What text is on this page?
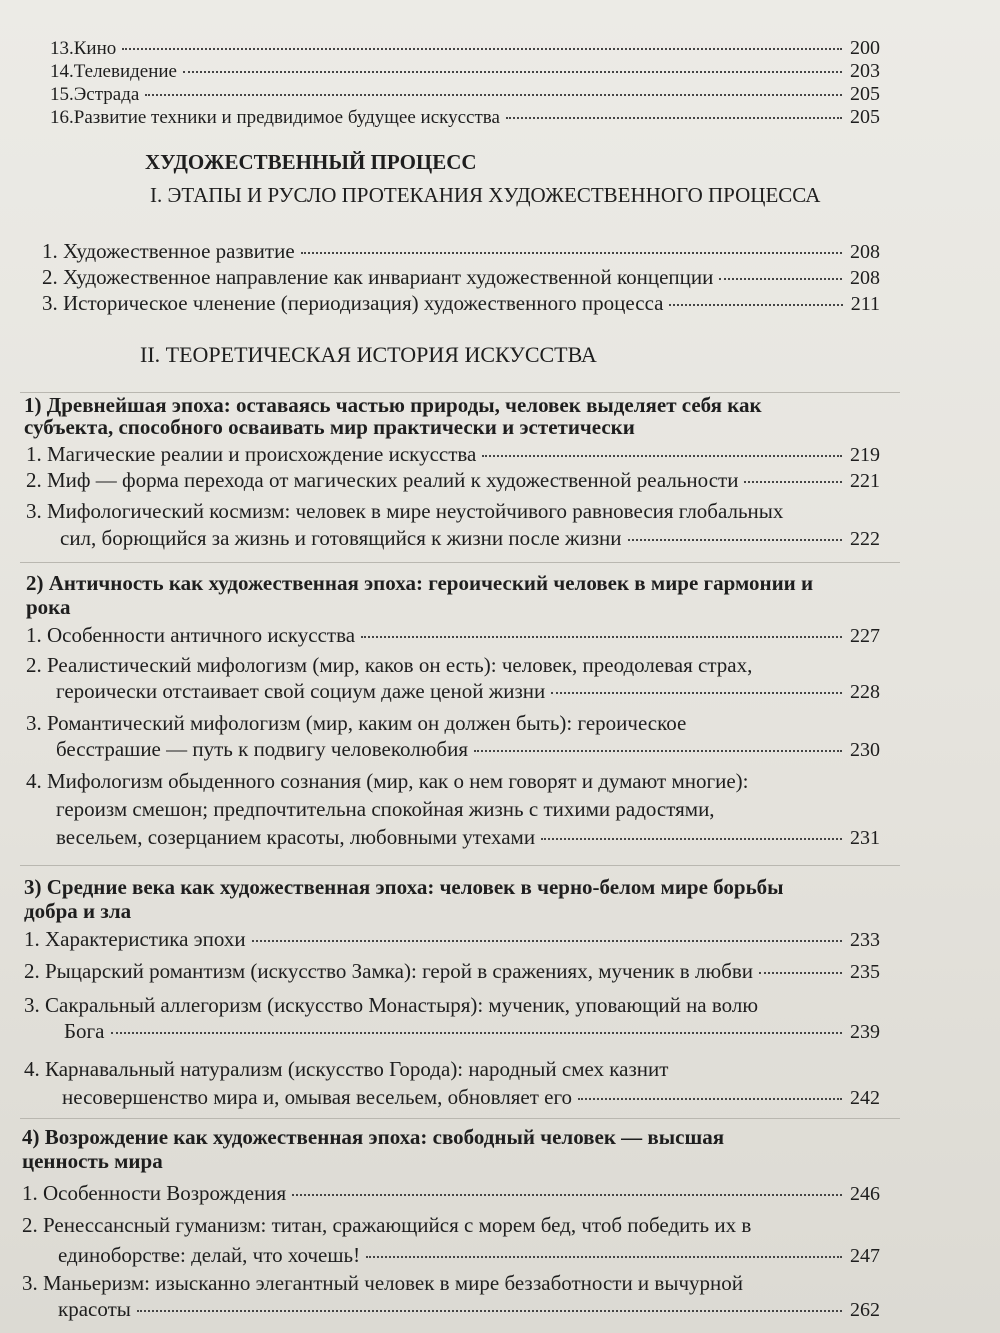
13.Кино	200
14.Телевидение	203
15.Эстрада	205
16.Развитие техники и предвидимое будущее искусства	205
ХУДОЖЕСТВЕННЫЙ ПРОЦЕСС
I. ЭТАПЫ И РУСЛО ПРОТЕКАНИЯ ХУДОЖЕСТВЕННОГО ПРОЦЕССА
1. Художественное развитие	208
2. Художественное направление как инвариант художественной концепции	208
3. Историческое членение (периодизация) художественного процесса	211
II. ТЕОРЕТИЧЕСКАЯ ИСТОРИЯ ИСКУССТВА
1) Древнейшая эпоха: оставаясь частью природы, человек выделяет себя как
субъекта, способного осваивать мир практически и эстетически
1. Магические реалии и происхождение искусства	219
2. Миф — форма перехода от магических реалий к художественной реальности	221
3. Мифологический космизм: человек в мире неустойчивого равновесия глобальных
сил, борющийся за жизнь и готовящийся к жизни после жизни	222
2) Античность как художественная эпоха: героический человек в мире гармонии и
рока
1. Особенности античного искусства	227
2. Реалистический мифологизм (мир, каков он есть): человек, преодолевая страх,
героически отстаивает свой социум даже ценой жизни	228
3. Романтический мифологизм (мир, каким он должен быть): героическое
бесстрашие — путь к подвигу человеколюбия	230
4. Мифологизм обыденного сознания (мир, как о нем говорят и думают многие):
героизм смешон; предпочтительна спокойная жизнь с тихими радостями,
весельем, созерцанием красоты, любовными утехами	231
3) Средние века как художественная эпоха: человек в черно-белом мире борьбы
добра и зла
1. Характеристика эпохи	233
2. Рыцарский романтизм (искусство Замка): герой в сражениях, мученик в любви	235
3. Сакральный аллегоризм (искусство Монастыря): мученик, уповающий на волю
Бога	239
4. Карнавальный натурализм (искусство Города): народный смех казнит
несовершенство мира и, омывая весельем, обновляет его	242
4) Возрождение как художественная эпоха: свободный человек — высшая
ценность мира
1. Особенности Возрождения	246
2. Ренессансный гуманизм: титан, сражающийся с морем бед, чтоб победить их в
единоборстве: делай, что хочешь!	247
3. Маньеризм: изысканно элегантный человек в мире беззаботности и вычурной
красоты	262
